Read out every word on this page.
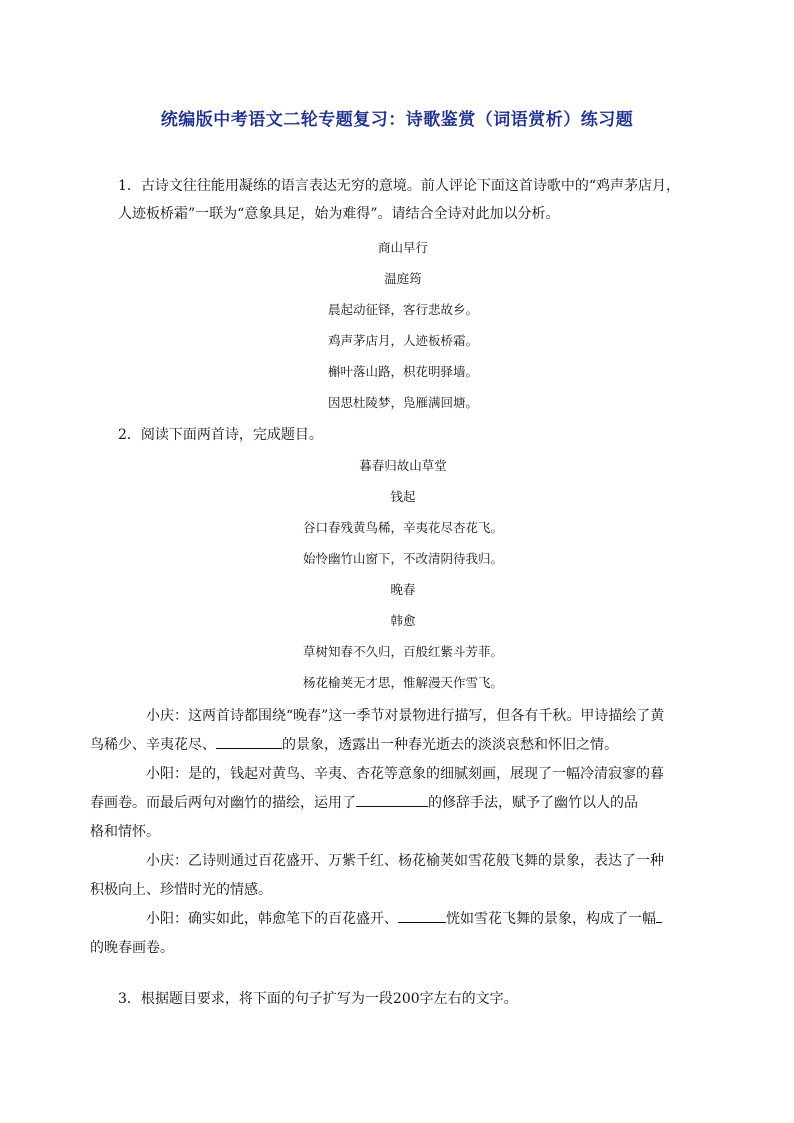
统编版中考语文二轮专题复习：诗歌鉴赏（词语赏析）练习题
1．古诗文往往能用凝练的语言表达无穷的意境。前人评论下面这首诗歌中的“鸡声茅店月，
人迹板桥霜”一联为“意象具足，始为难得”。请结合全诗对此加以分析。
商山早行
温庭筠
晨起动征铎，客行悲故乡。
鸡声茅店月，人迹板桥霜。
槲叶落山路，枳花明驿墙。
因思杜陵梦，凫雁满回塘。
2．阅读下面两首诗，完成题目。
暮春归故山草堂
钱起
谷口春残黄鸟稀，辛夷花尽杏花飞。
始怜幽竹山窗下，不改清阴待我归。
晚春
韩愈
草树知春不久归，百般红紫斗芳菲。
杨花榆荚无才思，惟解漫天作雪飞。
小庆：这两首诗都围绕“晚春”这一季节对景物进行描写，但各有千秋。甲诗描绘了黄
鸟稀少、辛夷花尽、	的景象，透露出一种春光逝去的淡淡哀愁和怀旧之情。
小阳：是的，钱起对黄鸟、辛夷、杏花等意象的细腻刻画，展现了一幅冷清寂寥的暮
春画卷。而最后两句对幽竹的描绘，运用了	的修辞手法，赋予了幽竹以人的品
格和情怀。
小庆：乙诗则通过百花盛开、万紫千红、杨花榆荚如雪花般飞舞的景象，表达了一种
积极向上、珍惜时光的情感。
小阳：确实如此，韩愈笔下的百花盛开、	恍如雪花飞舞的景象，构成了一幅
的晚春画卷。
3．根据题目要求，将下面的句子扩写为一段200字左右的文字。
